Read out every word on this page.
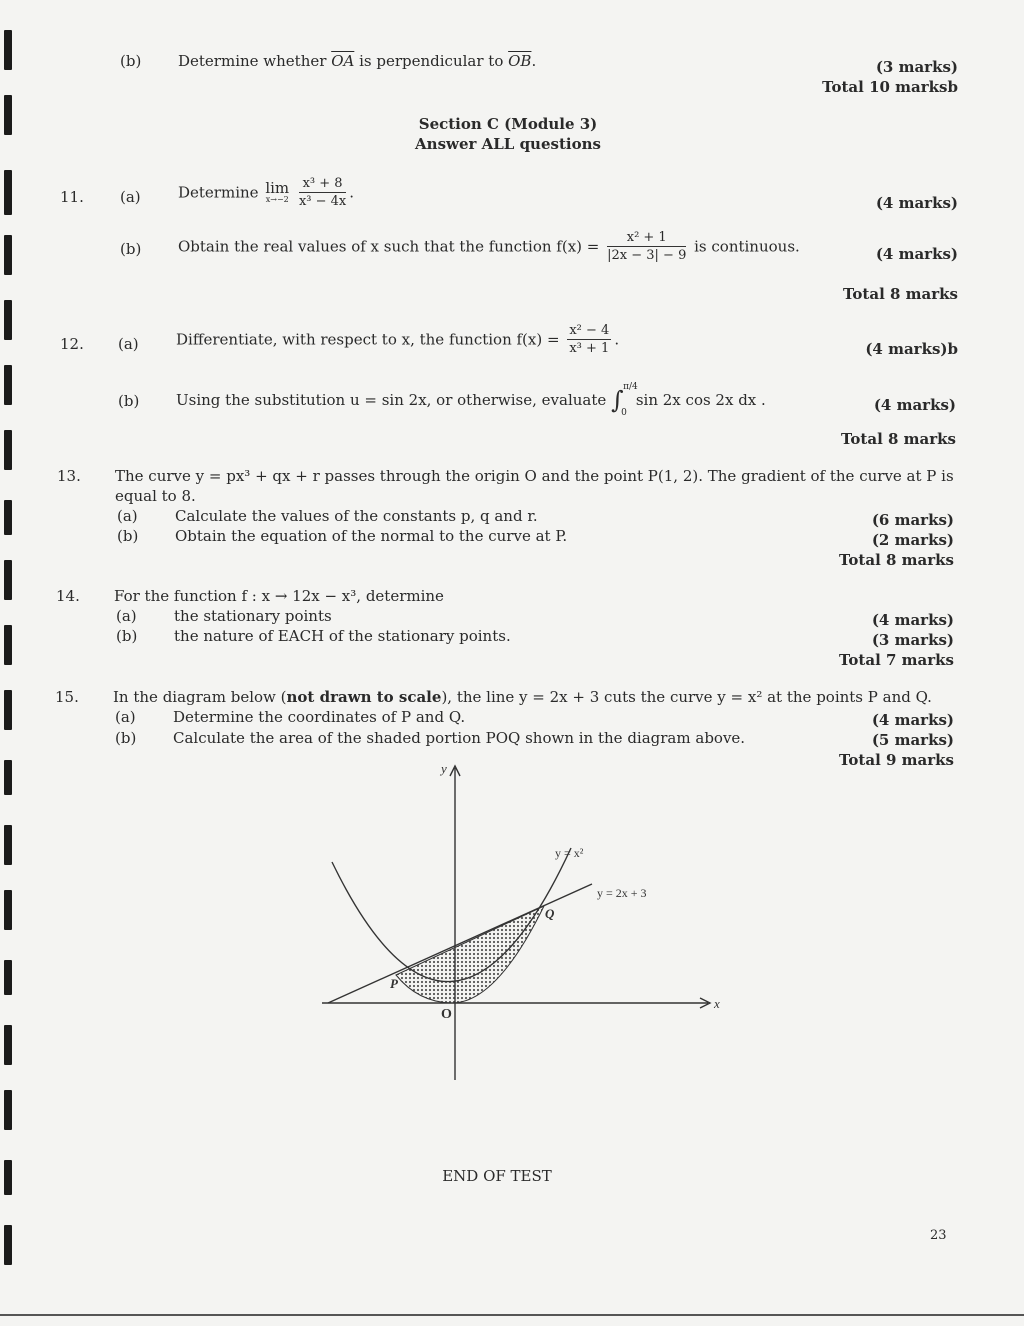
(b) Determine whether $\overline{OA}$ is perpendicular to $\overline{OB}$.	(3 marks)
Total 10 marksb
Section C (Module 3)
Answer ALL questions
11. (a) Determine lim
x→−2
$\frac{\text{x³ + 8}}{\text{x³ − 4x}}$ .
(4 marks)
(b) Obtain the real values of x such that the function $f(x) = \frac{\text{x² + 1}}{|2x - 3| - 9}$ is continuous.	(4 marks)
Total 8 marks
12. (a) Differentiate, with respect to x, the function $f(x) = \frac{\text{x² − 4}}{\text{x³ + 1}}$ .
(4 marks)b
(b) Using the substitution u = sin 2x, or otherwise, evaluate ∫ π/4
0
sin 2x cos 2x dx .	(4 marks)
Total 8 marks
13. The curve y = px³ + qx + r passes through the origin O and the point P(1, 2). The gradient of the curve at P is
equal to 8.
(a) Calculate the values of the constants p, q and r.	(6 marks)
(b) Obtain the equation of the normal to the curve at P.	(2 marks)
Total 8 marks
14. For the function f : x → 12x − x³, determine
(a) the stationary points	(4 marks)
(b) the nature of EACH of the stationary points.	(3 marks)
Total 7 marks
15. In the diagram below (not drawn to scale), the line y = 2x + 3 cuts the curve y = x² at the points P and Q.
(a) Determine the coordinates of P and Q.	(4 marks)
(b) Calculate the area of the shaded portion POQ shown in the diagram above.	(5 marks)
Total 9 marks
y
x
O
y = x²
y = 2x + 3
P
Q
END OF TEST
23
